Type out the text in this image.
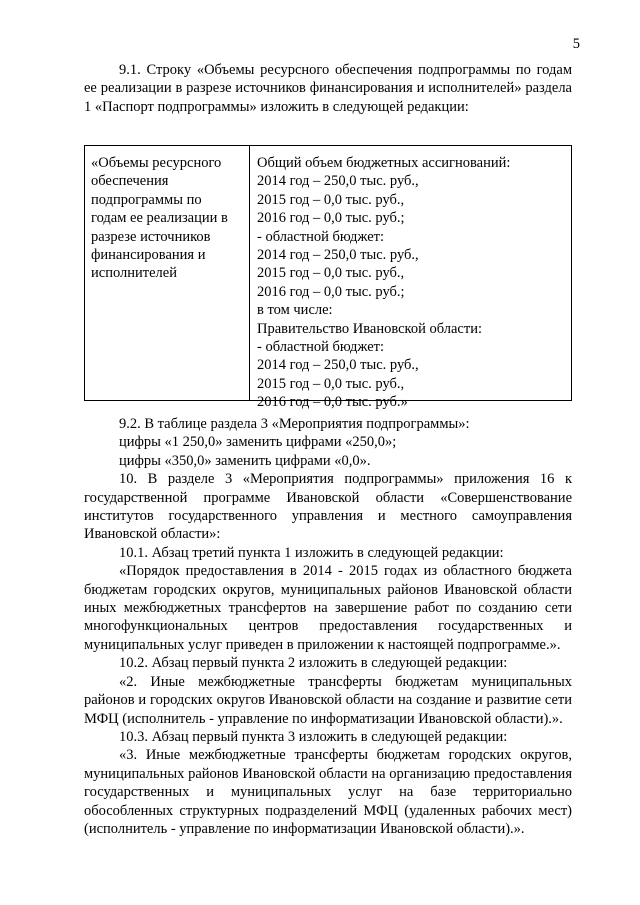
5

9.1. Строку «Объемы ресурсного обеспечения подпрограммы по годам ее реализации в разрезе источников финансирования и исполнителей» раздела 1 «Паспорт подпрограммы» изложить в следующей редакции:

«Объемы ресурсного
обеспечения
подпрограммы по
годам ее реализации в
разрезе источников
финансирования и
исполнителей
Общий объем бюджетных ассигнований:
2014 год – 250,0 тыс. руб.,
2015 год – 0,0 тыс. руб.,
2016 год – 0,0 тыс. руб.;
- областной бюджет:
2014 год – 250,0 тыс. руб.,
2015 год – 0,0 тыс. руб.,
2016 год – 0,0 тыс. руб.;
в том числе:
Правительство Ивановской области:
- областной бюджет:
2014 год – 250,0 тыс. руб.,
2015 год – 0,0 тыс. руб.,
2016 год – 0,0 тыс. руб.»

9.2. В таблице раздела 3 «Мероприятия подпрограммы»:

цифры «1 250,0» заменить цифрами «250,0»;

цифры «350,0» заменить цифрами «0,0».

10. В разделе 3 «Мероприятия подпрограммы» приложения 16 к государственной программе Ивановской области «Совершенствование институтов государственного управления и местного самоуправления Ивановской области»:

10.1. Абзац третий пункта 1 изложить в следующей редакции:

«Порядок предоставления в 2014 - 2015 годах из областного бюджета бюджетам городских округов, муниципальных районов Ивановской области иных межбюджетных трансфертов на завершение работ по созданию сети многофункциональных центров предоставления государственных и муниципальных услуг приведен в приложении к настоящей подпрограмме.».

10.2. Абзац первый пункта 2 изложить в следующей редакции:

«2. Иные межбюджетные трансферты бюджетам муниципальных районов и городских округов Ивановской области на создание и развитие сети МФЦ (исполнитель - управление по информатизации Ивановской области).».

10.3. Абзац первый пункта 3 изложить в следующей редакции:

«3. Иные межбюджетные трансферты бюджетам городских округов, муниципальных районов Ивановской области на организацию предоставления государственных и муниципальных услуг на базе территориально обособленных структурных подразделений МФЦ (удаленных рабочих мест) (исполнитель - управление по информатизации Ивановской области).».
